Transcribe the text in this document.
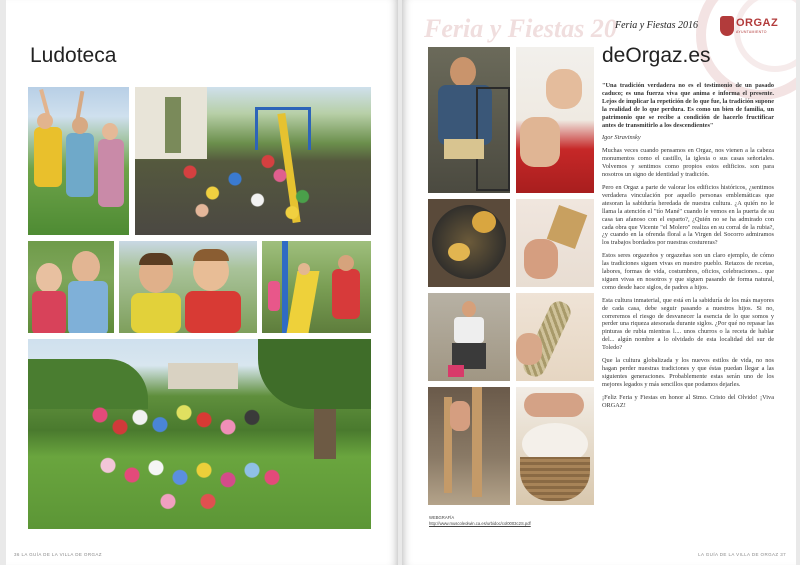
Ludoteca
36 LA GUÍA DE LA VILLA DE ORGAZ
Feria y Fiestas 20
Feria y Fiestas 2016	ORGAZ
AYUNTAMIENTO
deOrgaz.es
WEBGRAFÍA
http://www.muscoleolwin.ca.es/urbidoc/col0003c2S.pdf

"Una tradición verdadera no es el testimonio de un pasado caduco; es una fuerza viva que anima e informa el presente. Lejos de implicar la repetición de lo que fue, la tradición supone la realidad de lo que perdura. Es como un bien de familia, un patrimonio que se recibe a condición de hacerlo fructificar antes de transmitirlo a los descendientes"

Igor Stravinsky

Muchas veces cuando pensamos en Orgaz, nos vienen a la cabeza monumentos como el castillo, la iglesia o sus casas señoriales. Volvemos y sentimos como propios estos edificios. son para nosotros un signo de identidad y tradición.

Pero en Orgaz a parte de valorar los edificios históricos, ¿sentimos verdadera vinculación por aquello personas emblemáticas que atesoran la sabiduría heredada de nuestra cultura. ¿A quién no le llama la atención el "tío Mané" cuando le vemos en la puerta de su casa tan afanoso con el esparto?, ¿Quién no se ha admirado con cada obra que Vicente "el Molero" realiza en su corral de la rubia?, ¿y cuando en la ofrenda floral a la Virgen del Socorro admiramos los trabajos bordados por nuestras costureras?

Estos seres orgazeños y orgazeñas son un claro ejemplo, de cómo las tradiciones siguen vivas en nuestro pueblo. Retazos de recetas, labores, formas de vida, costumbres, oficios, celebraciones... que siguen vivas en nosotros y que siguen pasando de forma natural, como desde hace siglos, de padres a hijos.

Esta cultura inmaterial, que está en la sabiduría de los más mayores de cada casa, debe seguir pasando a nuestros hijos. Si no, correremos el riesgo de desvanecer la esencia de lo que somos y perder una riqueza atesorada durante siglos. ¿Por qué no repasar las pinturas de rubia mientras l.... unos churros o la receta de hablar del... algún nombre a lo olvidado de esta localidad del sur de Toledo?

Que la cultura globalizada y los nuevos estilos de vida, no nos hagan perder nuestras tradiciones y que éstas puedan llegar a las siguientes generaciones. Probablemente estas serán uno de los mejores legados y más sencillos que podamos dejarles.

¡Feliz Feria y Fiestas en honor al Stmo. Cristo del Olvido! ¡Viva ORGAZ!

LA GUÍA DE LA VILLA DE ORGAZ 37
